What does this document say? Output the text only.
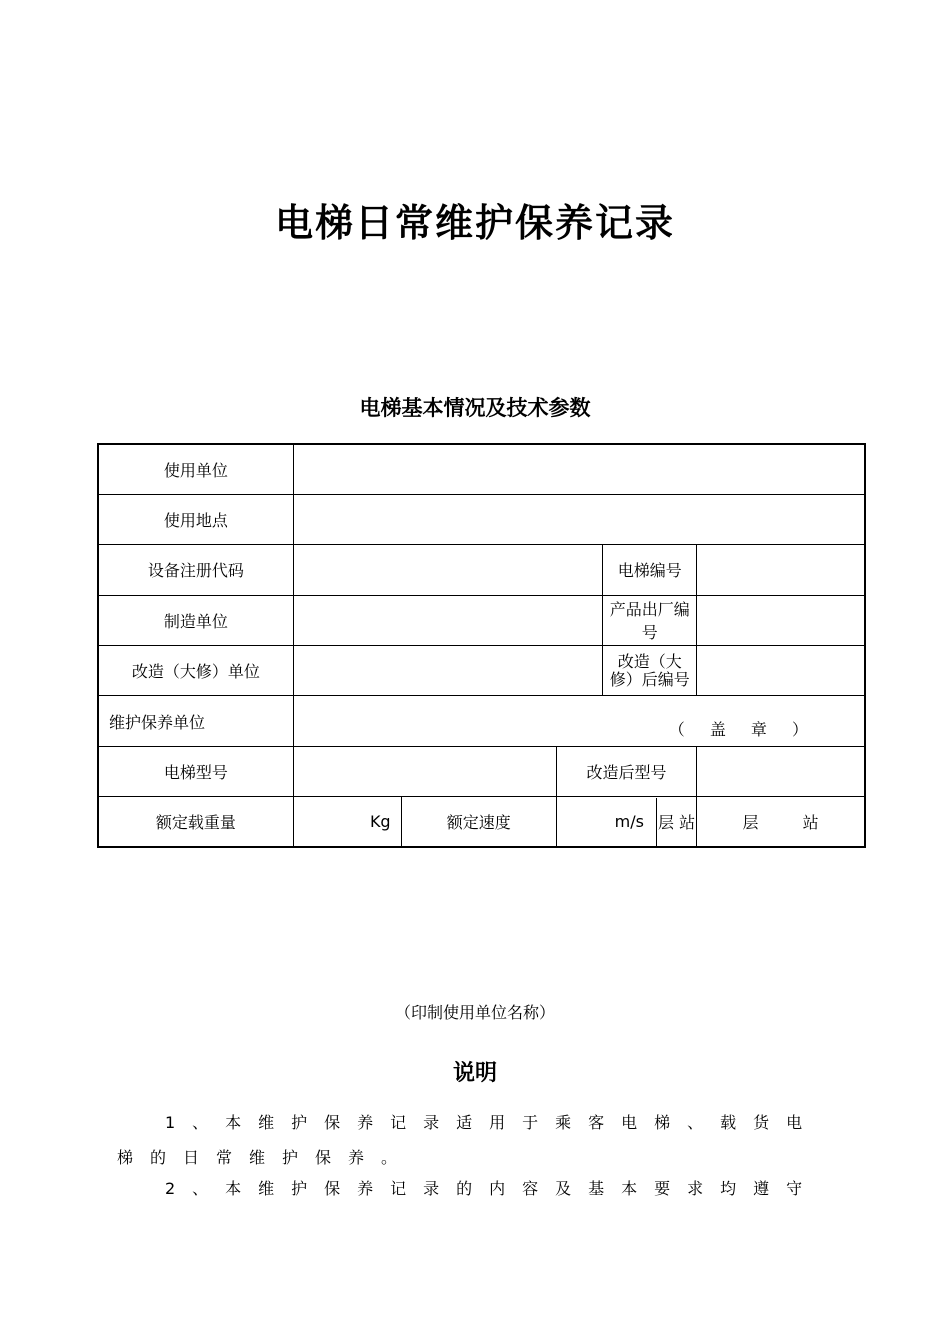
电梯日常维护保养记录
电梯基本情况及技术参数
使用单位					
使用地点					
设备注册代码				电梯编号	
制造单位				产品出厂编号	
改造（大修）单位				改造（大修）后编号	
维护保养单位	（ 盖 章 ）				

电梯型号			改造后型号		
额定载重量	Kg	额定速度	m/s 层 站		层 站
（印制使用单位名称）
说明
1、本维护保养记录适用于乘客电梯、载货电
梯的日常维护保养。
2、本维护保养记录的内容及基本要求均遵守
